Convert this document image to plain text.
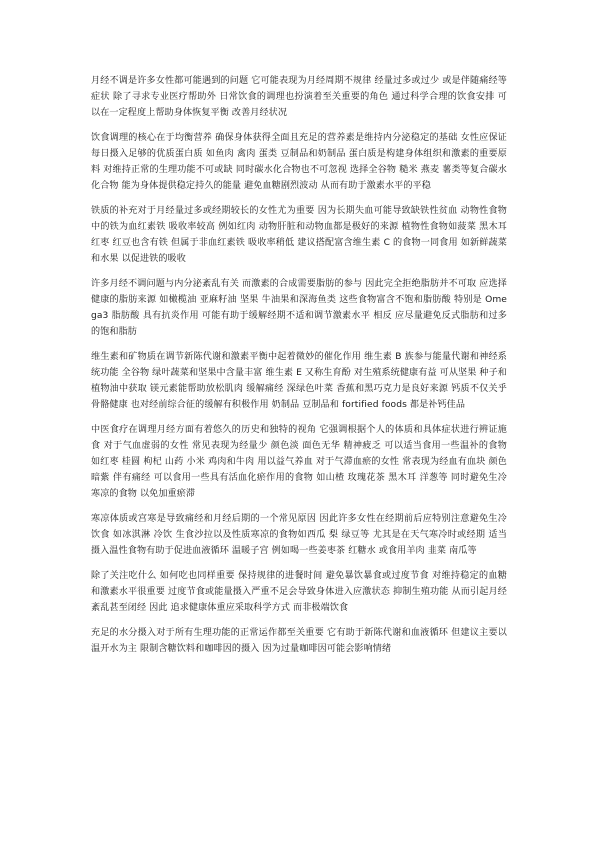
月经不调是许多女性都可能遇到的问题 它可能表现为月经周期不规律 经量过多或过少 或是伴随痛经等症状 除了寻求专业医疗帮助外 日常饮食的调理也扮演着至关重要的角色 通过科学合理的饮食安排 可以在一定程度上帮助身体恢复平衡 改善月经状况

饮食调理的核心在于均衡营养 确保身体获得全面且充足的营养素是维持内分泌稳定的基础 女性应保证每日摄入足够的优质蛋白质 如鱼肉 禽肉 蛋类 豆制品和奶制品 蛋白质是构建身体组织和激素的重要原料 对维持正常的生理功能不可或缺 同时碳水化合物也不可忽视 选择全谷物 糙米 燕麦 薯类等复合碳水化合物 能为身体提供稳定持久的能量 避免血糖剧烈波动 从而有助于激素水平的平稳

铁质的补充对于月经量过多或经期较长的女性尤为重要 因为长期失血可能导致缺铁性贫血 动物性食物中的铁为血红素铁 吸收率较高 例如红肉 动物肝脏和动物血都是极好的来源 植物性食物如菠菜 黑木耳 红枣 红豆也含有铁 但属于非血红素铁 吸收率稍低 建议搭配富含维生素 C 的食物一同食用 如新鲜蔬菜和水果 以促进铁的吸收

许多月经不调问题与内分泌紊乱有关 而激素的合成需要脂肪的参与 因此完全拒绝脂肪并不可取 应选择健康的脂肪来源 如橄榄油 亚麻籽油 坚果 牛油果和深海鱼类 这些食物富含不饱和脂肪酸 特别是 Omega3 脂肪酸 具有抗炎作用 可能有助于缓解经期不适和调节激素水平 相反 应尽量避免反式脂肪和过多的饱和脂肪

维生素和矿物质在调节新陈代谢和激素平衡中起着微妙的催化作用 维生素 B 族参与能量代谢和神经系统功能 全谷物 绿叶蔬菜和坚果中含量丰富 维生素 E 又称生育酚 对生殖系统健康有益 可从坚果 种子和植物油中获取 镁元素能帮助放松肌肉 缓解痛经 深绿色叶菜 香蕉和黑巧克力是良好来源 钙质不仅关乎骨骼健康 也对经前综合征的缓解有积极作用 奶制品 豆制品和 fortified foods 都是补钙佳品

中医食疗在调理月经方面有着悠久的历史和独特的视角 它强调根据个人的体质和具体症状进行辨证施食 对于气血虚弱的女性 常见表现为经量少 颜色淡 面色无华 精神疲乏 可以适当食用一些温补的食物 如红枣 桂圆 枸杞 山药 小米 鸡肉和牛肉 用以益气养血 对于气滞血瘀的女性 常表现为经血有血块 颜色暗紫 伴有痛经 可以食用一些具有活血化瘀作用的食物 如山楂 玫瑰花茶 黑木耳 洋葱等 同时避免生冷寒凉的食物 以免加重瘀滞

寒凉体质或宫寒是导致痛经和月经后期的一个常见原因 因此许多女性在经期前后应特别注意避免生冷饮食 如冰淇淋 冷饮 生食沙拉以及性质寒凉的食物如西瓜 梨 绿豆等 尤其是在天气寒冷时或经期 适当摄入温性食物有助于促进血液循环 温暖子宫 例如喝一些姜枣茶 红糖水 或食用羊肉 韭菜 南瓜等

除了关注吃什么 如何吃也同样重要 保持规律的进餐时间 避免暴饮暴食或过度节食 对维持稳定的血糖和激素水平很重要 过度节食或能量摄入严重不足会导致身体进入应激状态 抑制生殖功能 从而引起月经紊乱甚至闭经 因此 追求健康体重应采取科学方式 而非极端饮食

充足的水分摄入对于所有生理功能的正常运作都至关重要 它有助于新陈代谢和血液循环 但建议主要以温开水为主 限制含糖饮料和咖啡因的摄入 因为过量咖啡因可能会影响情绪
